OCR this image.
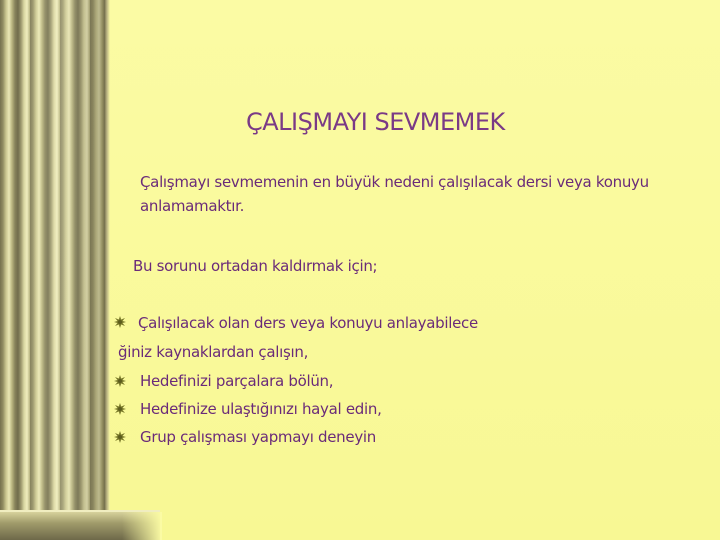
ÇALIŞMAYI SEVMEMEK
Çalışmayı sevmemenin en büyük nedeni çalışılacak dersi veya konuyu anlamamaktır.
Bu sorunu ortadan kaldırmak için;
Çalışılacak olan ders veya konuyu anlayabilece
ğiniz kaynaklardan çalışın,
Hedefinizi parçalara bölün,
Hedefinize ulaştığınızı hayal edin,
Grup çalışması yapmayı deneyin
